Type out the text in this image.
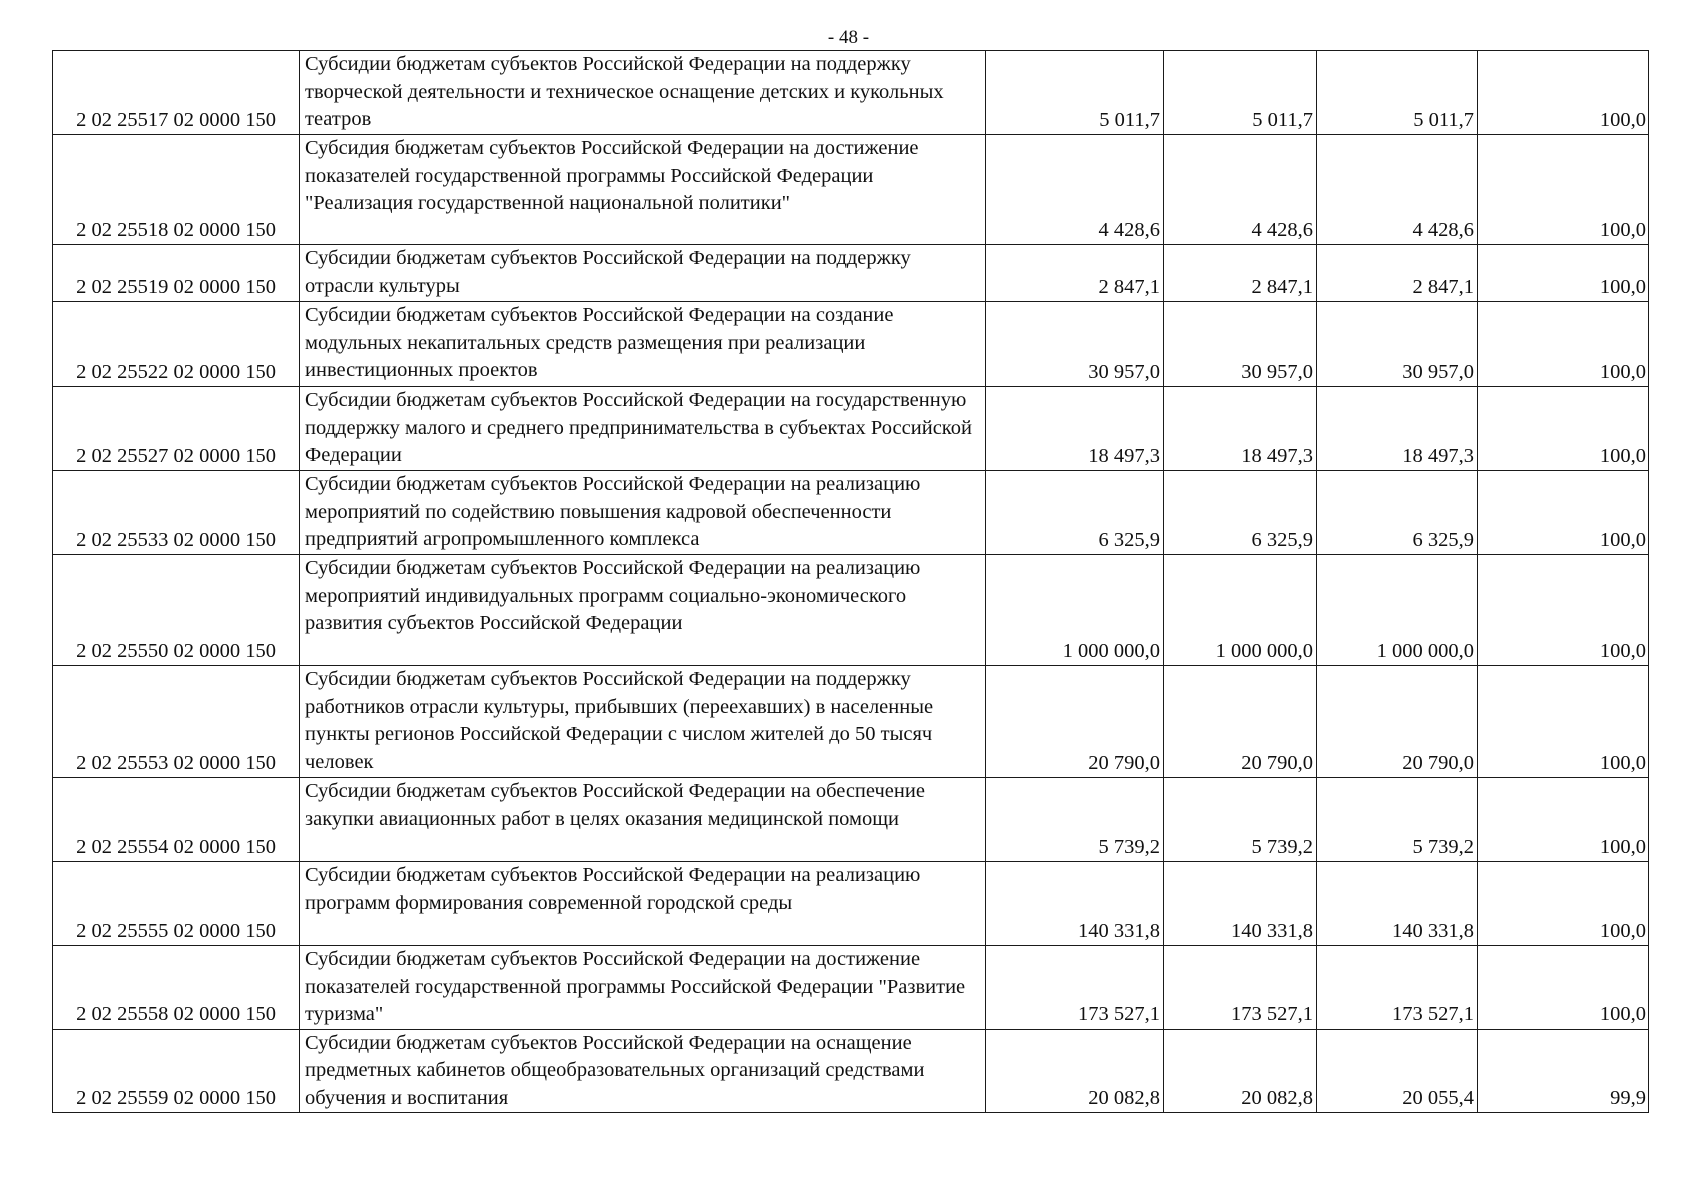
- 48 -
2 02 25517 02 0000 150	Субсидии бюджетам субъектов Российской Федерации на поддержку творческой деятельности и техническое оснащение детских и кукольных театров	5 011,7	5 011,7	5 011,7	100,0
2 02 25518 02 0000 150	Субсидия бюджетам субъектов Российской Федерации на достижение показателей государственной программы Российской Федерации "Реализация государственной национальной политики"	4 428,6	4 428,6	4 428,6	100,0
2 02 25519 02 0000 150	Субсидии бюджетам субъектов Российской Федерации на поддержку отрасли культуры	2 847,1	2 847,1	2 847,1	100,0
2 02 25522 02 0000 150	Субсидии бюджетам субъектов Российской Федерации на создание модульных некапитальных средств размещения при реализации инвестиционных проектов	30 957,0	30 957,0	30 957,0	100,0
2 02 25527 02 0000 150	Субсидии бюджетам субъектов Российской Федерации на государственную поддержку малого и среднего предпринимательства в субъектах Российской Федерации	18 497,3	18 497,3	18 497,3	100,0
2 02 25533 02 0000 150	Субсидии бюджетам субъектов Российской Федерации на реализацию мероприятий по содействию повышения кадровой обеспеченности предприятий агропромышленного комплекса	6 325,9	6 325,9	6 325,9	100,0
2 02 25550 02 0000 150	Субсидии бюджетам субъектов Российской Федерации на реализацию мероприятий индивидуальных программ социально-экономического развития субъектов Российской Федерации	1 000 000,0	1 000 000,0	1 000 000,0	100,0
2 02 25553 02 0000 150	Субсидии бюджетам субъектов Российской Федерации на поддержку работников отрасли культуры, прибывших (переехавших) в населенные пункты регионов Российской Федерации с числом жителей до 50 тысяч человек	20 790,0	20 790,0	20 790,0	100,0
2 02 25554 02 0000 150	Субсидии бюджетам субъектов Российской Федерации на обеспечение закупки авиационных работ в целях оказания медицинской помощи	5 739,2	5 739,2	5 739,2	100,0
2 02 25555 02 0000 150	Субсидии бюджетам субъектов Российской Федерации на реализацию программ формирования современной городской среды	140 331,8	140 331,8	140 331,8	100,0
2 02 25558 02 0000 150	Субсидии бюджетам субъектов Российской Федерации на достижение показателей государственной программы Российской Федерации "Развитие туризма"	173 527,1	173 527,1	173 527,1	100,0
2 02 25559 02 0000 150	Субсидии бюджетам субъектов Российской Федерации на оснащение предметных кабинетов общеобразовательных организаций средствами обучения и воспитания	20 082,8	20 082,8	20 055,4	99,9
